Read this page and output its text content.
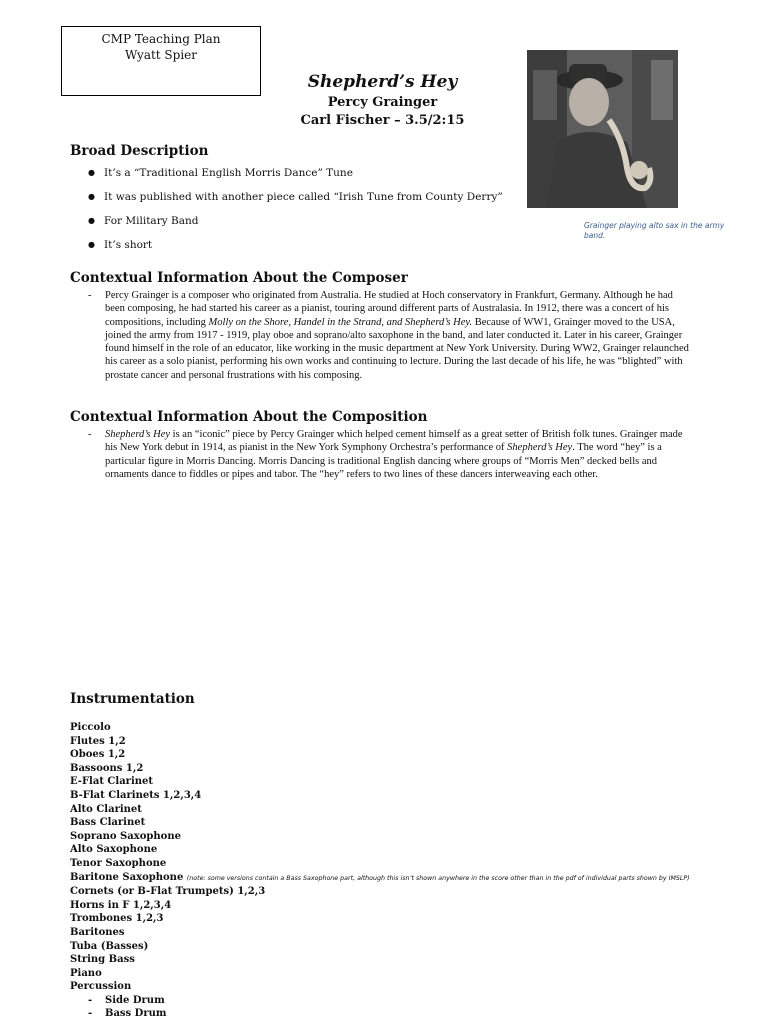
CMP Teaching Plan
Wyatt Spier
Shepherd’s Hey
Percy Grainger
Carl Fischer – 3.5/2:15
Grainger playing alto sax in the army band.
Broad Description
● It’s a “Traditional English Morris Dance” Tune
● It was published with another piece called “Irish Tune from County Derry”
● For Military Band
● It’s short
Contextual Information About the Composer
- Percy Grainger is a composer who originated from Australia. He studied at Hoch conservatory in Frankfurt, Germany. Although he had been composing, he had started his career as a pianist, touring around different parts of Australasia. In 1912, there was a concert of his compositions, including Molly on the Shore, Handel in the Strand, and Shepherd’s Hey. Because of WW1, Grainger moved to the USA, joined the army from 1917 - 1919, play oboe and soprano/alto saxophone in the band, and later conducted it. Later in his career, Grainger found himself in the role of an educator, like working in the music department at New York University. During WW2, Grainger relaunched his career as a solo pianist, performing his own works and continuing to lecture. During the last decade of his life, he was “blighted” with prostate cancer and personal frustrations with his composing.
Contextual Information About the Composition
- Shepherd’s Hey is an “iconic” piece by Percy Grainger which helped cement himself as a great setter of British folk tunes. Grainger made his New York debut in 1914, as pianist in the New York Symphony Orchestra’s performance of Shepherd’s Hey. The word “hey” is a particular figure in Morris Dancing. Morris Dancing is traditional English dancing where groups of “Morris Men” decked bells and ornaments dance to fiddles or pipes and tabor. The “hey” refers to two lines of these dancers interweaving each other.
Instrumentation
Piccolo
Flutes 1,2
Oboes 1,2
Bassoons 1,2
E-Flat Clarinet
B-Flat Clarinets 1,2,3,4
Alto Clarinet
Bass Clarinet
Soprano Saxophone
Alto Saxophone
Tenor Saxophone
Baritone Saxophone (note: some versions contain a Bass Saxophone part, although this isn’t shown anywhere in the score other than in the pdf of individual parts shown by IMSLP)
Cornets (or B-Flat Trumpets) 1,2,3
Horns in F 1,2,3,4
Trombones 1,2,3
Baritones
Tuba (Basses)
String Bass
Piano
Percussion
- Side Drum
- Bass Drum
